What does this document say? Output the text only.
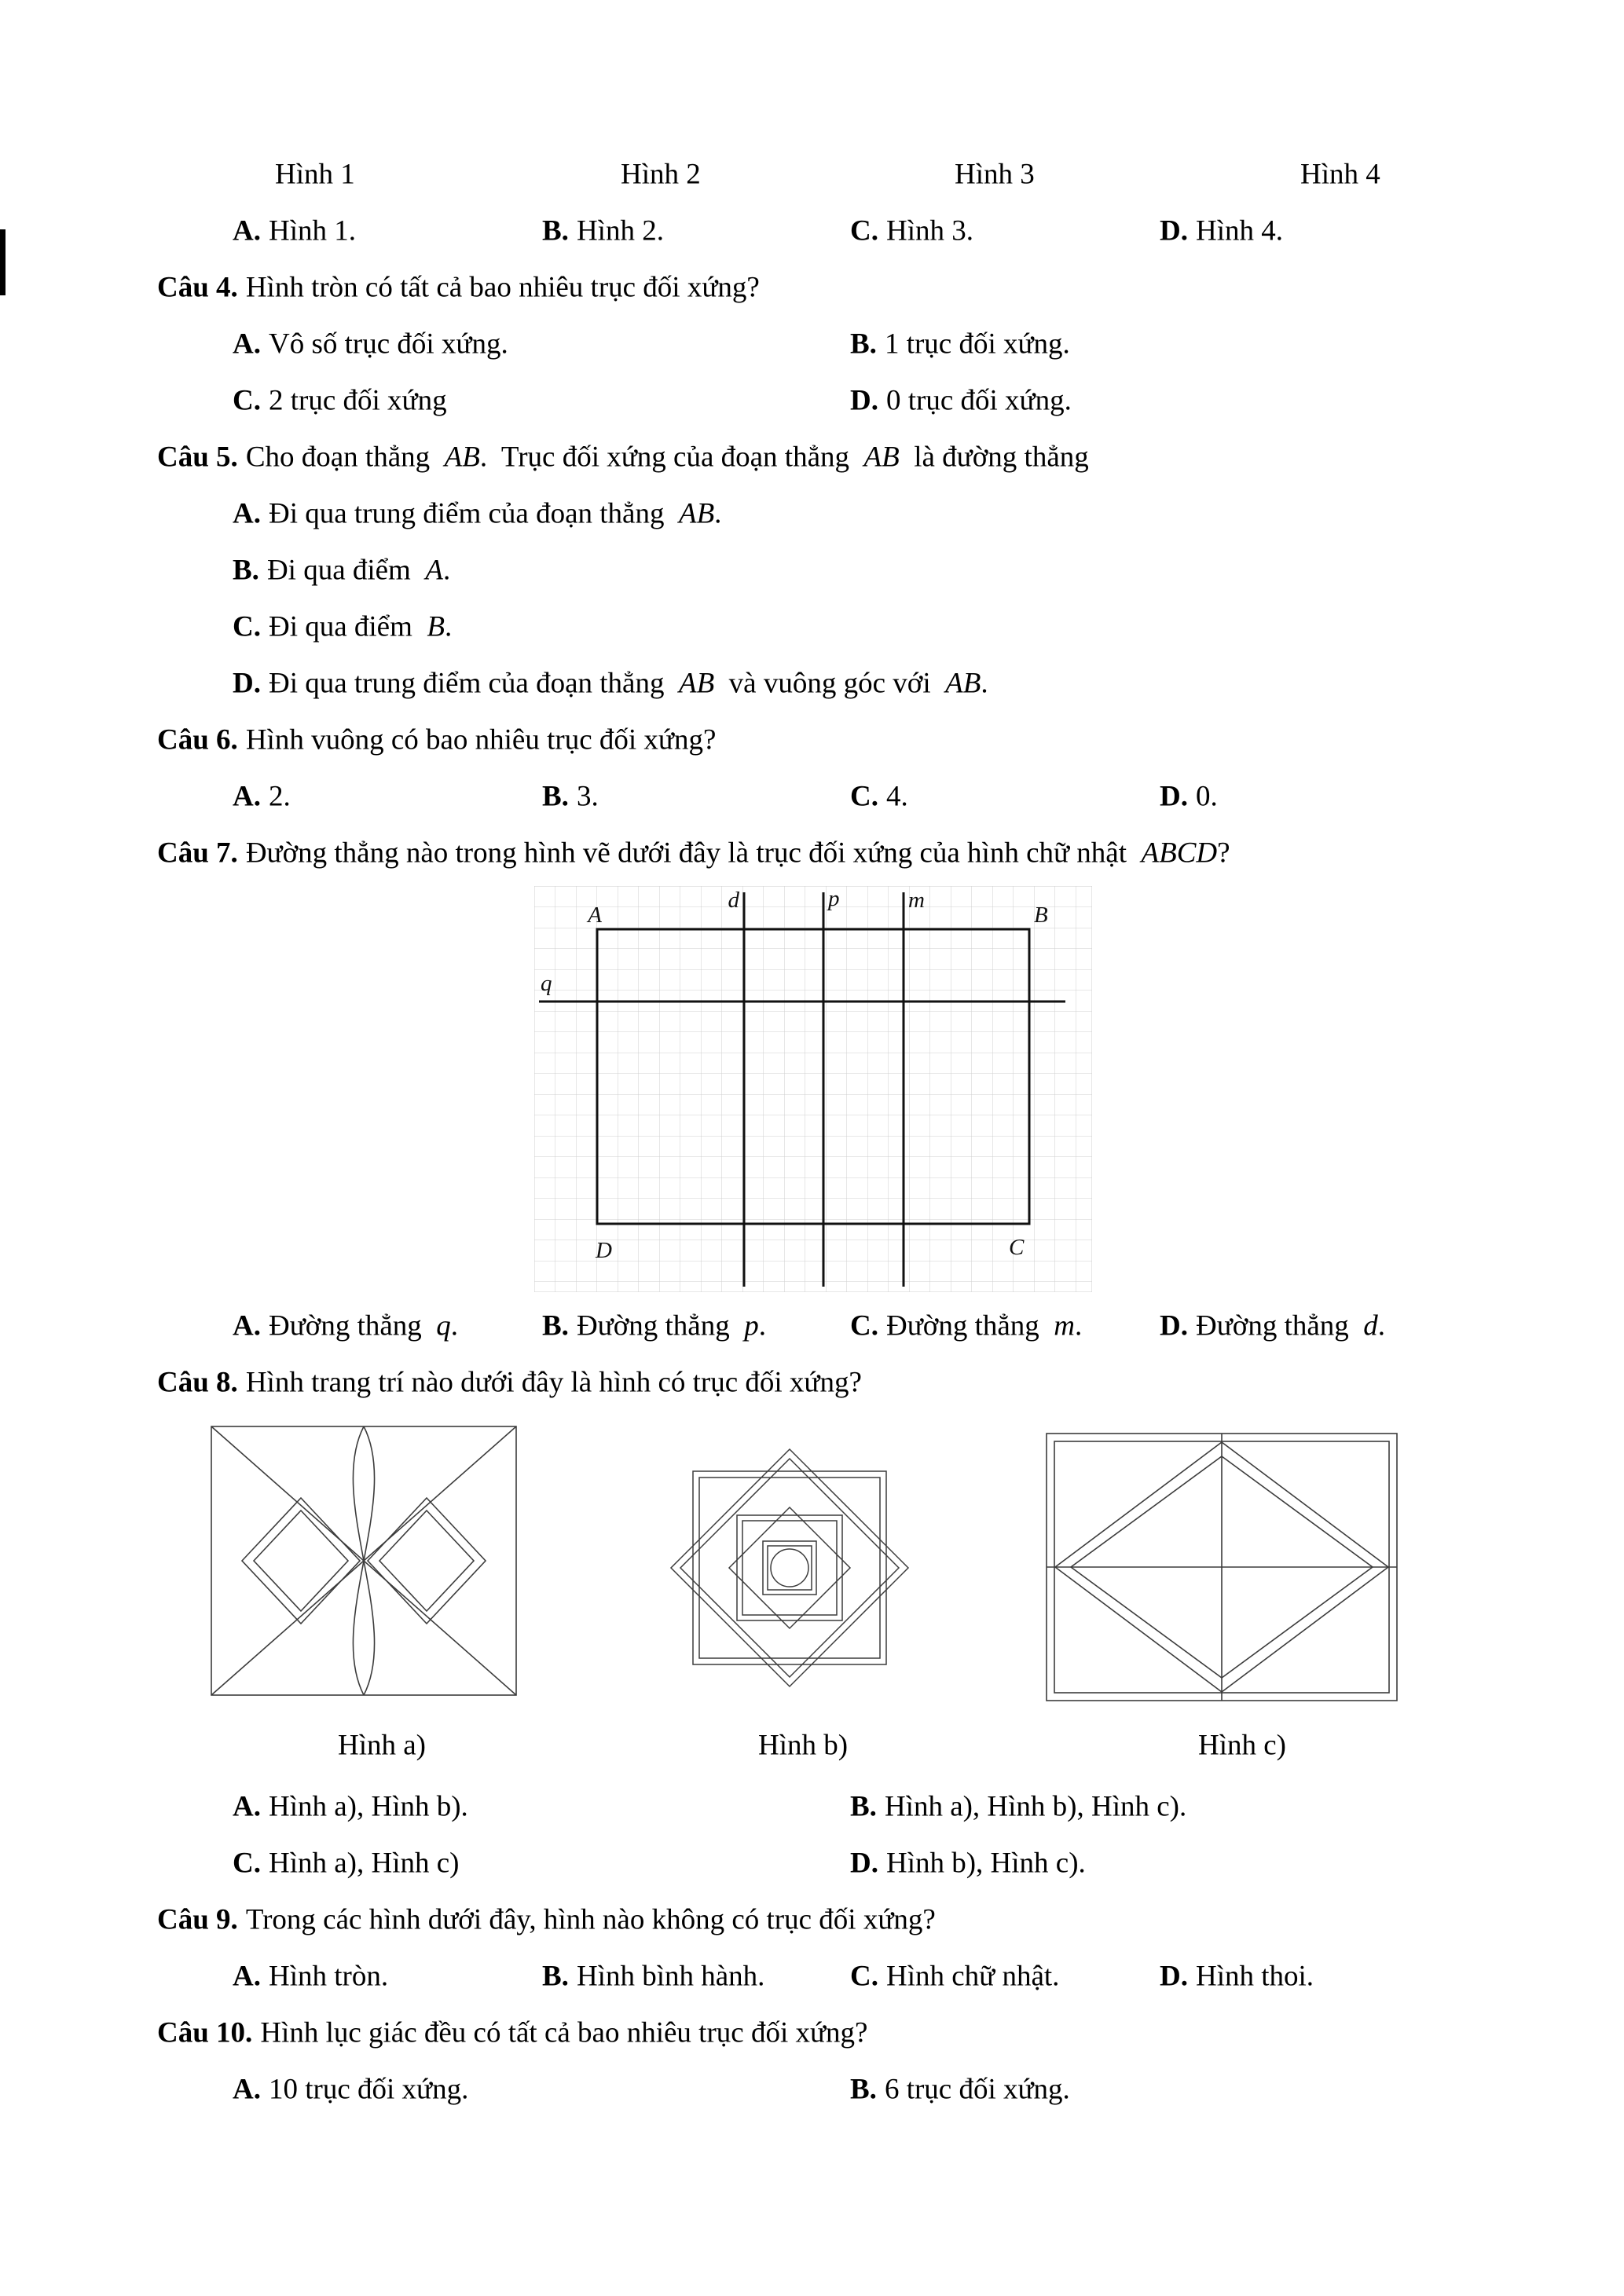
Hình 1	Hình 2	Hình 3	Hình 4
A. Hình 1.	B. Hình 2.	C. Hình 3.	D. Hình 4.
Câu 4. Hình tròn có tất cả bao nhiêu trục đối xứng?
A. Vô số trục đối xứng.	B. 1 trục đối xứng.
C. 2 trục đối xứng	D. 0 trục đối xứng.
Câu 5. Cho đoạn thẳng  AB.  Trục đối xứng của đoạn thẳng  AB  là đường thẳng
A. Đi qua trung điểm của đoạn thẳng  AB.
B. Đi qua điểm  A.
C. Đi qua điểm  B.
D. Đi qua trung điểm của đoạn thẳng  AB  và vuông góc với  AB.
Câu 6. Hình vuông có bao nhiêu trục đối xứng?
A. 2.	B. 3.	C. 4.	D. 0.
Câu 7. Đường thẳng nào trong hình vẽ dưới đây là trục đối xứng của hình chữ nhật  ABCD?
A	B
D	C
d	p	m
q
A. Đường thẳng  q.	B. Đường thẳng  p.	C. Đường thẳng  m.	D. Đường thẳng  d.
Câu 8. Hình trang trí nào dưới đây là hình có trục đối xứng?
Hình a)	Hình b)	Hình c)
A. Hình a), Hình b).	B. Hình a), Hình b), Hình c).
C. Hình a), Hình c)	D. Hình b), Hình c).
Câu 9. Trong các hình dưới đây, hình nào không có trục đối xứng?
A. Hình tròn.	B. Hình bình hành.	C. Hình chữ nhật.	D. Hình thoi.
Câu 10. Hình lục giác đều có tất cả bao nhiêu trục đối xứng?
A. 10 trục đối xứng.	B. 6 trục đối xứng.
